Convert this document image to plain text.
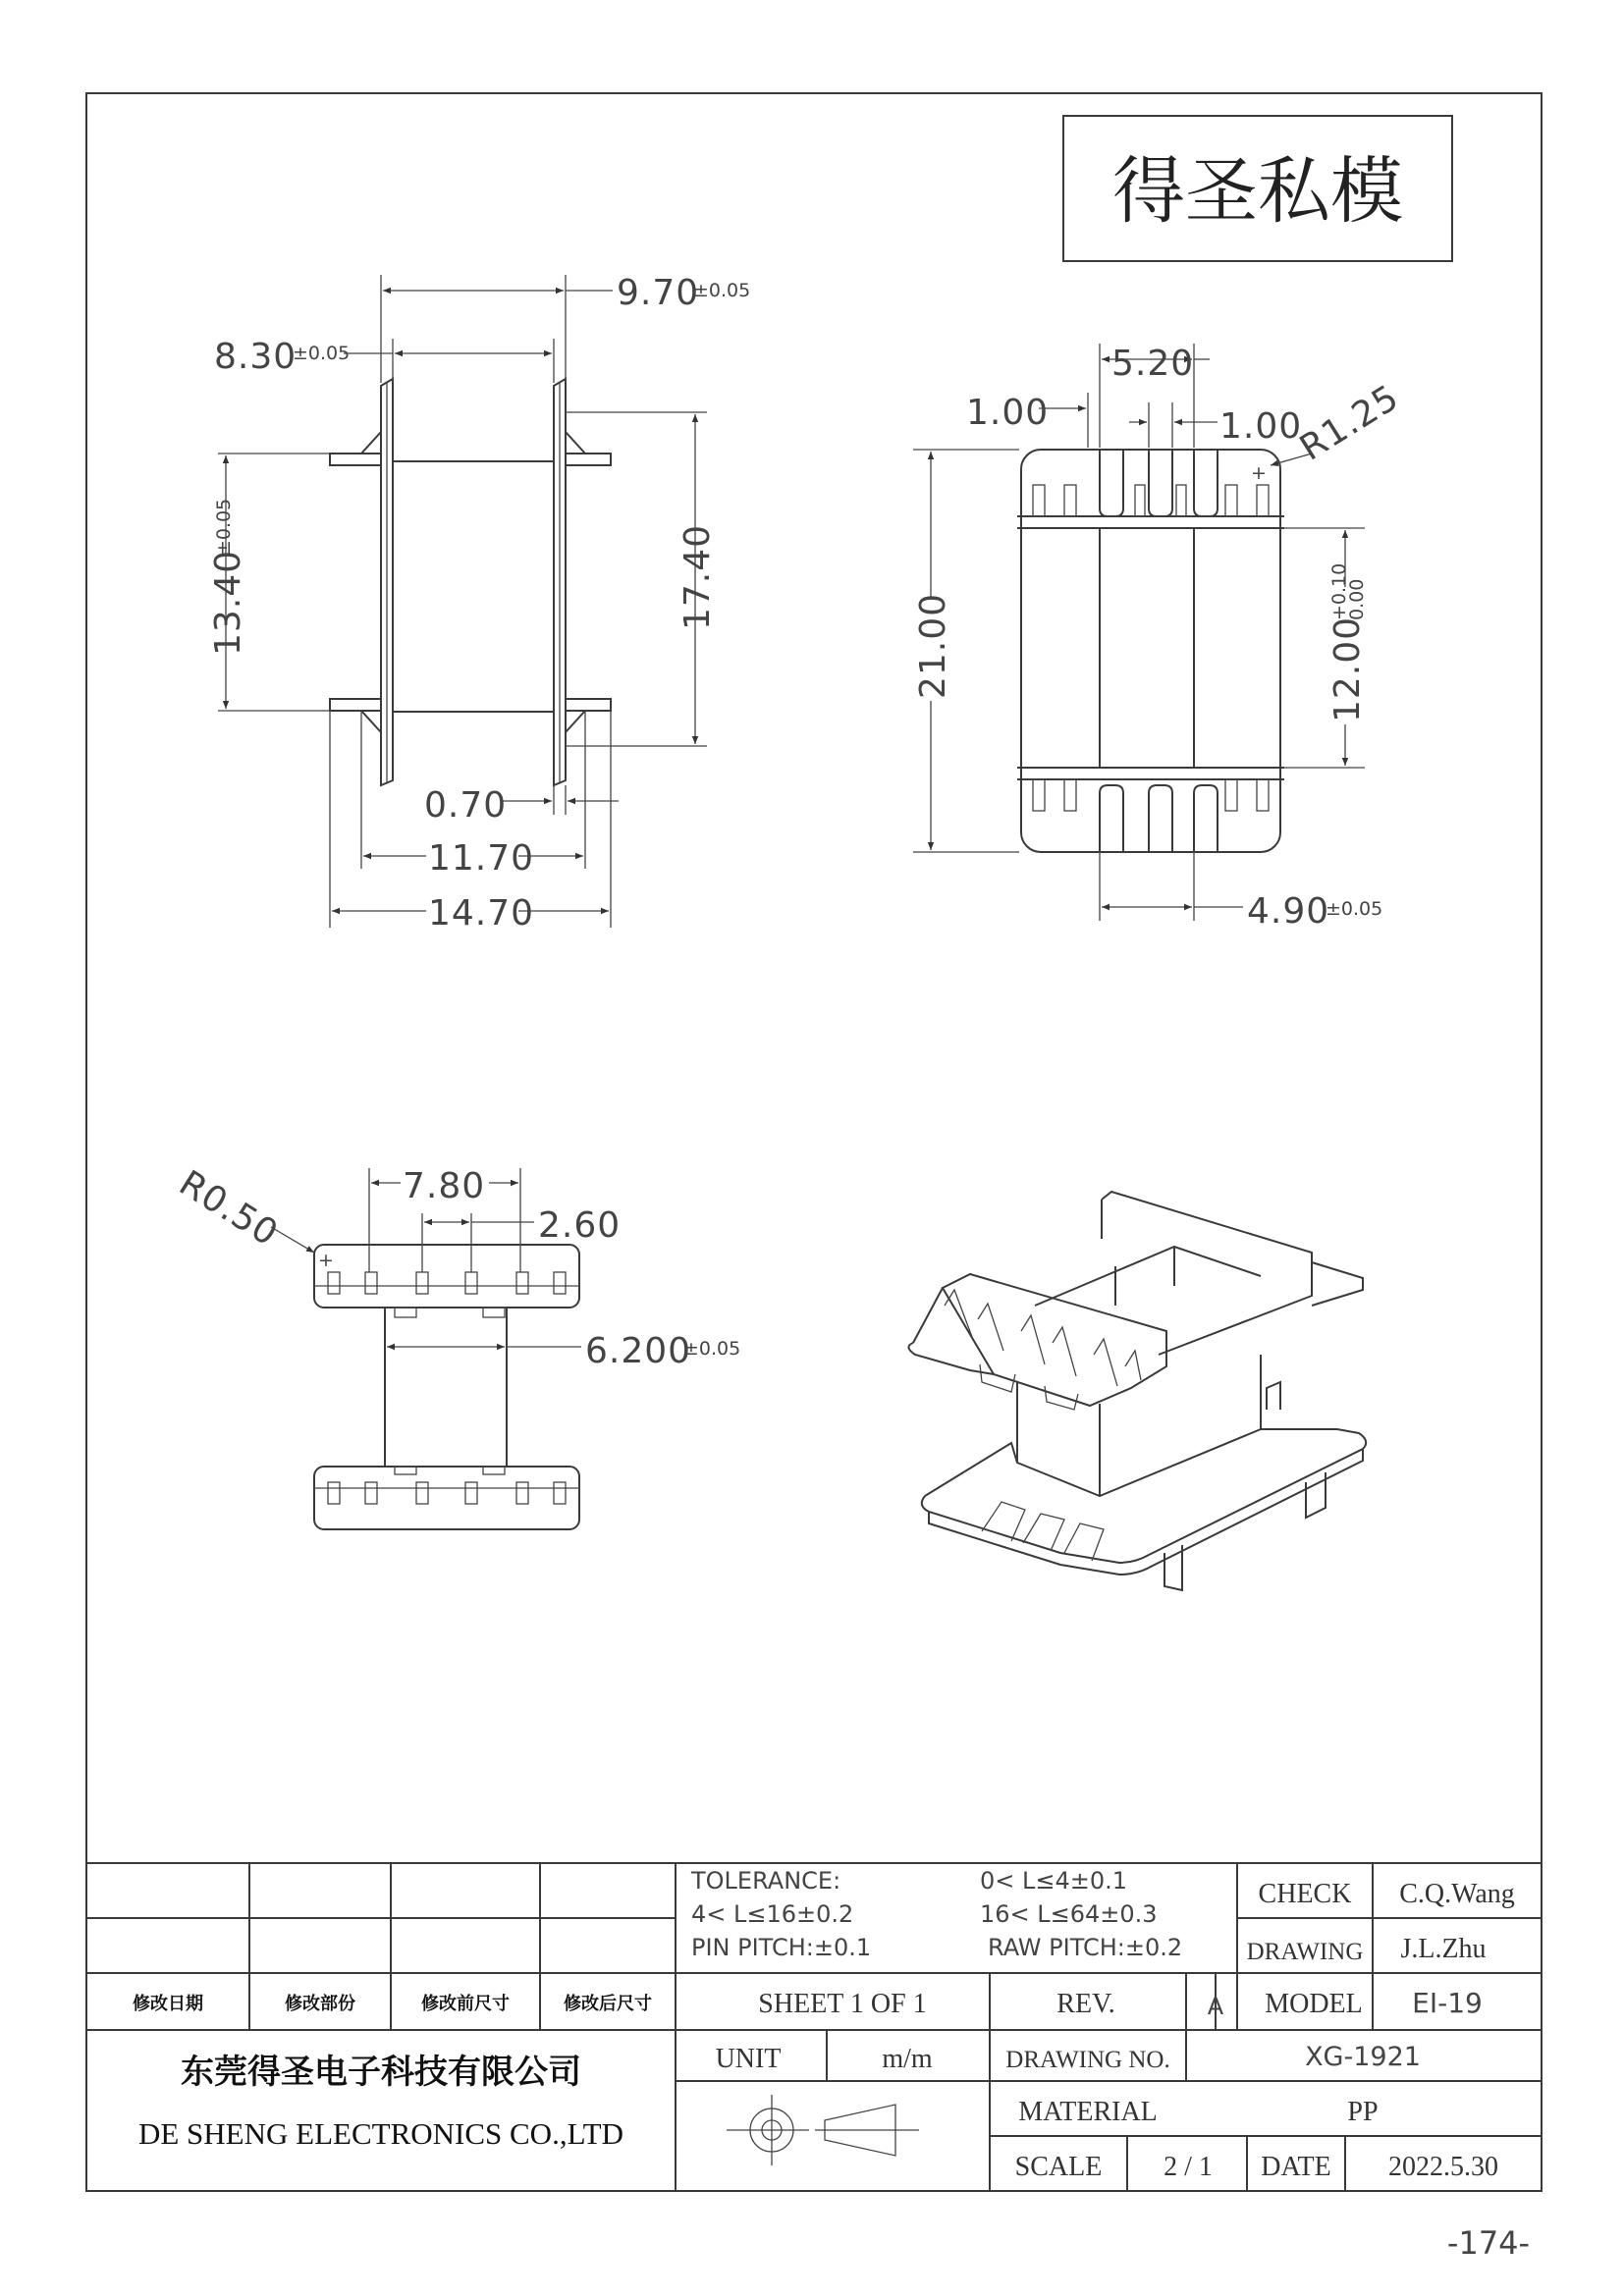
得圣私模
9.70
±0.05
8.30
±0.05
13.40
±0.05	17.40
0.70
11.70
14.70
+
5.20
1.00	1.00
R1.25
21.00	12.00
+0.10
0.00
4.90
±0.05
+
R0.50	7.80
2.60
6.200
±0.05
修改日期	修改部份	修改前尺寸	修改后尺寸
TOLERANCE:	0< L≤4±0.1
4< L≤16±0.2	16< L≤64±0.3
PIN PITCH:±0.1	RAW PITCH:±0.2
CHECK C.Q.Wang
DRAWING J.L.Zhu
SHEET 1 OF 1	REV.	A MODEL EI-19
东莞得圣电子科技有限公司
DE SHENG ELECTRONICS CO.,LTD
UNIT	m/m	DRAWING NO.	XG-1921
MATERIAL	PP
SCALE 2 / 1 DATE 2022.5.30
-174-
